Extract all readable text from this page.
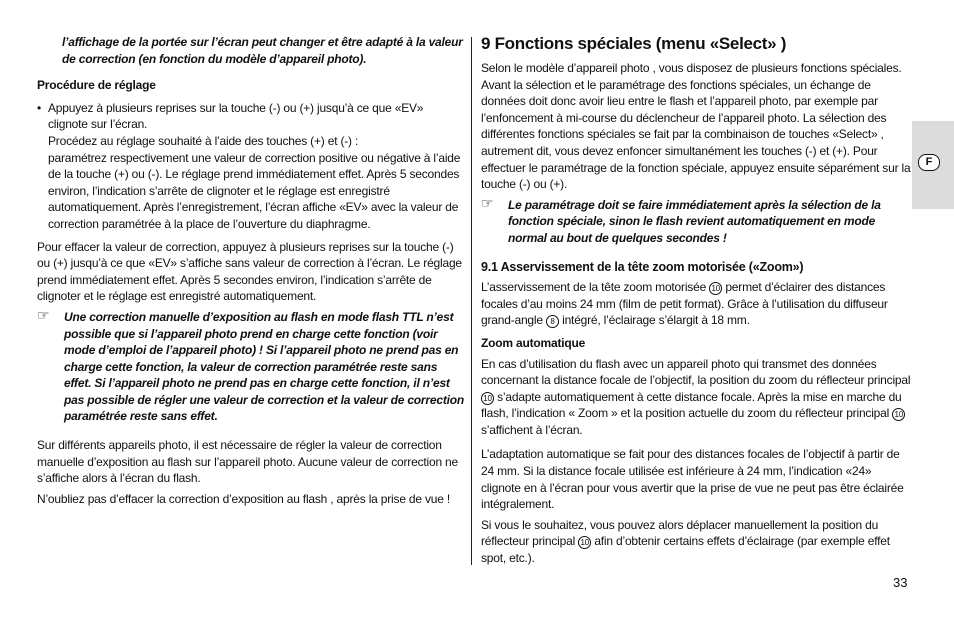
l’affichage de la portée sur l’écran peut changer et être adapté à la valeur de correction (en fonction du modèle d’appareil photo).

Procédure de réglage

• Appuyez à plusieurs reprises sur la touche (-) ou (+) jusqu’à ce que «EV» clignote sur l’écran.
Procédez au réglage souhaité à l’aide des touches (+) et (-) :
paramétrez respectivement une valeur de correction positive ou négative à l’aide de la touche (+) ou (-). Le réglage prend immédiatement effet. Après 5 secondes environ, l’indication s’arrête de clignoter et le réglage est enregistré automatiquement. Après l’enregistrement, l’écran affiche «EV» avec la valeur de correction paramétrée à la place de l’ouverture du diaphragme.

Pour effacer la valeur de correction, appuyez à plusieurs reprises sur la touche (-) ou (+) jusqu’à ce que «EV» s’affiche sans valeur de correction à l’écran. Le réglage prend immédiatement effet. Après 5 secondes environ, l’indication s’arrête de clignoter et le réglage est enregistré automatiquement.

☞ Une correction manuelle d’exposition au flash en mode flash TTL n’est possible que si l’appareil photo prend en charge cette fonction (voir mode d’emploi de l’appareil photo) ! Si l’appareil photo ne prend pas en charge cette fonction, la valeur de correction paramétrée reste sans effet. Si l’appareil photo ne prend pas en charge cette fonction, il n’est pas possible de régler une valeur de correction et la valeur de correction paramétrée reste sans effet.

Sur différents appareils photo, il est nécessaire de régler la valeur de correction manuelle d’exposition au flash sur l’appareil photo. Aucune valeur de correction ne s’affiche alors à l’écran du flash.

N’oubliez pas d’effacer la correction d’exposition au flash , après la prise de vue !

9 Fonctions spéciales (menu «Select» )

Selon le modèle d’appareil photo , vous disposez de plusieurs fonctions spéciales. Avant la sélection et le paramétrage des fonctions spéciales, un échange de données doit donc avoir lieu entre le flash et l’appareil photo, par exemple par l’enfoncement à mi-course du déclencheur de l’appareil photo. La sélection des différentes fonctions spéciales se fait par la combinaison de touches «Select» , autrement dit, vous devez enfoncer simultanément les touches (-) et (+). Pour effectuer le paramétrage de la fonction spéciale, appuyez ensuite séparément sur la touche (-) ou (+).

☞ Le paramétrage doit se faire immédiatement après la sélection de la fonction spéciale, sinon le flash revient automatiquement en mode normal au bout de quelques secondes !
9.1 Asservissement de la tête zoom motorisée («Zoom»)

L’asservissement de la tête zoom motorisée 10 permet d’éclairer des distances focales d’au moins 24 mm (film de petit format). Grâce à l’utilisation du diffuseur grand-angle 8 intégré, l’éclairage s’élargit à 18 mm.

Zoom automatique

En cas d’utilisation du flash avec un appareil photo qui transmet des données concernant la distance focale de l’objectif, la position du zoom du réflecteur principal 10 s’adapte automatiquement à cette distance focale. Après la mise en marche du flash, l’indication « Zoom » et la position actuelle du zoom du réflecteur principal 10 s’affichent à l’écran.

L’adaptation automatique se fait pour des distances focales de l’objectif à partir de 24 mm. Si la distance focale utilisée est inférieure à 24 mm, l’indication «24» clignote en à l’écran pour vous avertir que la prise de vue ne peut pas être éclairée intégralement.

Si vous le souhaitez, vous pouvez alors déplacer manuellement la position du réflecteur principal 10 afin d’obtenir certains effets d’éclairage (par exemple effet spot, etc.).

F
33
